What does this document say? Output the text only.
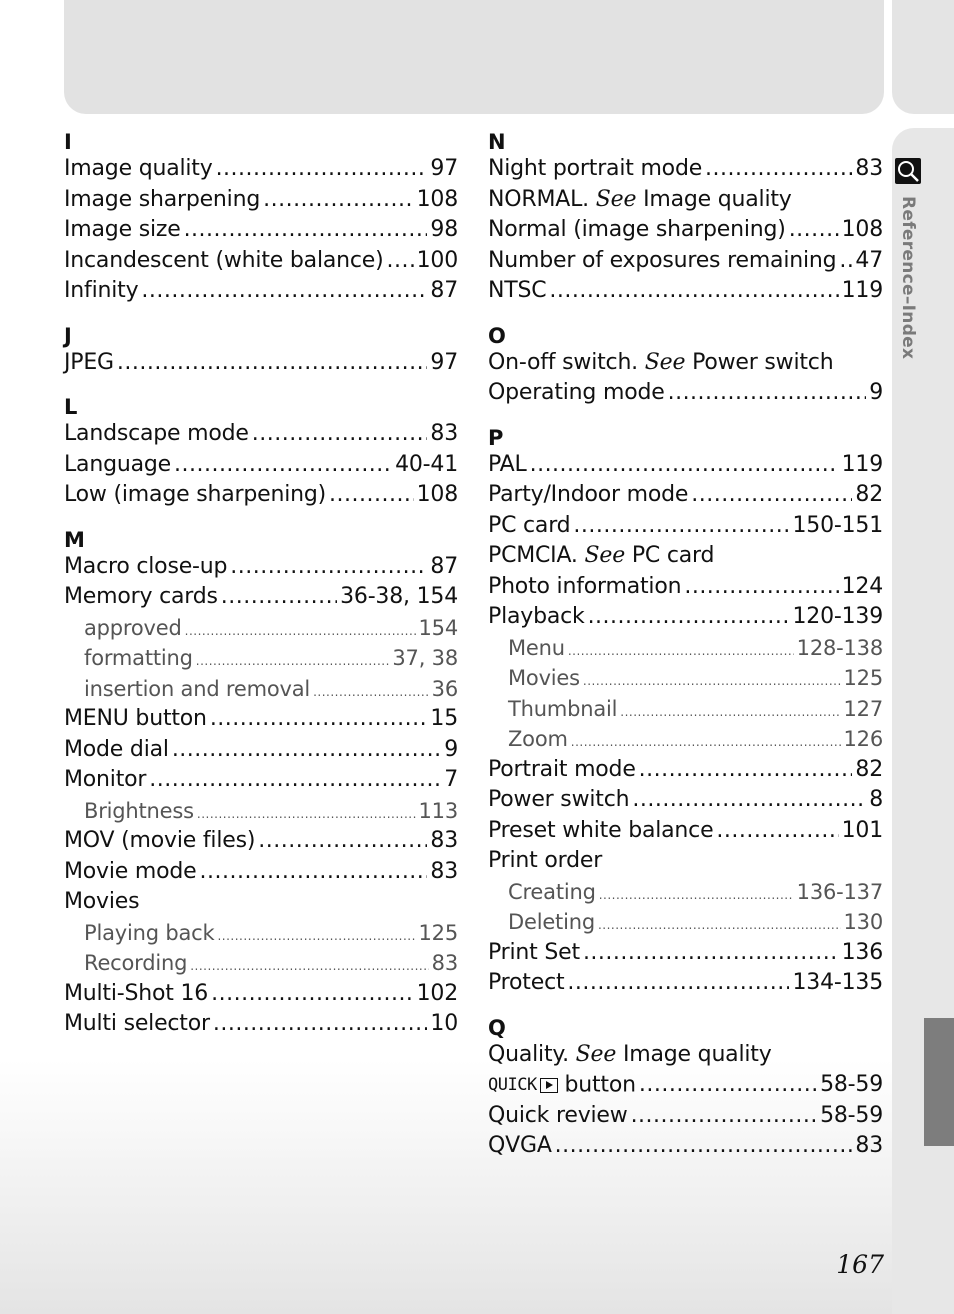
Reference–Index
I
Image quality .....	97
Image sharpening .....	108
Image size .....	98
Incandescent (white balance) ..... 100
Infinity .....	87
J
JPEG .....	97
L
Landscape mode .....	83
Language .....	40-41
Low (image sharpening) .....	108
M
Macro close-up .....	87
Memory cards .....	36-38, 154
approved .....	154
formatting .....	37, 38
insertion and removal .....	36
MENU button .....	15
Mode dial .....	9
Monitor .....	7
Brightness .....	113
MOV (movie files) .....	83
Movie mode .....	83
Movies
Playing back .....	125
Recording .....	83
Multi-Shot 16 .....	102
Multi selector .....	10
N
Night portrait mode .....	83
NORMAL. See Image quality
Normal (image sharpening) .....	108
Number of exposures remaining ..... 47
NTSC .....	119
O
On-off switch. See Power switch
Operating mode .....	9
P
PAL .....	119
Party/Indoor mode .....	82
PC card .....	150-151
PCMCIA. See PC card
Photo information .....	124
Playback .....	120-139
Menu .....	128-138
Movies .....	125
Thumbnail .....	127
Zoom .....	126
Portrait mode .....	82
Power switch .....	8
Preset white balance .....	101
Print order
Creating .....	136-137
Deleting .....	130
Print Set .....	136
Protect .....	134-135
Q
Quality. See Image quality
QUICK button .....	58-59
Quick review .....	58-59
QVGA .....	83
167
